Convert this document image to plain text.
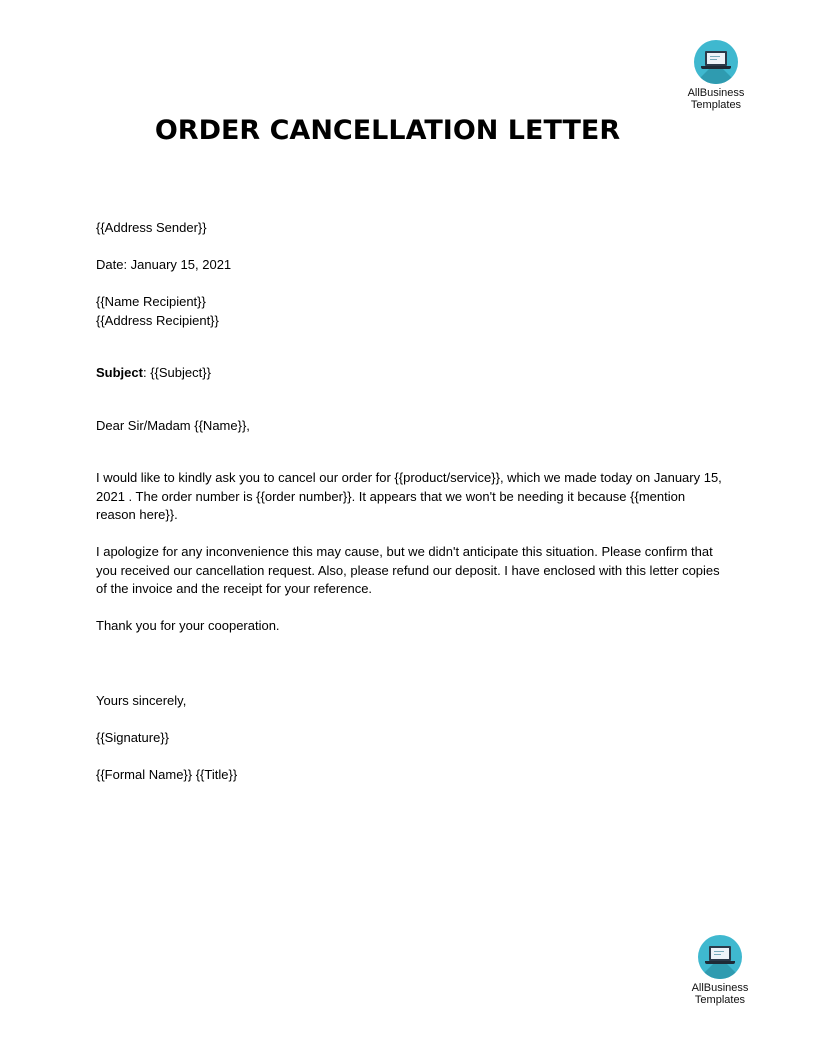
AllBusiness
Templates
ORDER CANCELLATION LETTER

{{Address Sender}}

Date: January 15, 2021

{{Name Recipient}}

{{Address Recipient}}

Subject: {{Subject}}

Dear Sir/Madam {{Name}},

I would like to kindly ask you to cancel our order for {{product/service}}, which we made today on January 15, 2021 . The order number is {{order number}}. It appears that we won't be needing it because {{mention reason here}}.

I apologize for any inconvenience this may cause, but we didn't anticipate this situation. Please confirm that you received our cancellation request. Also, please refund our deposit. I have enclosed with this letter copies of the invoice and the receipt for your reference.

Thank you for your cooperation.

Yours sincerely,

{{Signature}}

{{Formal Name}} {{Title}}

AllBusiness
Templates
